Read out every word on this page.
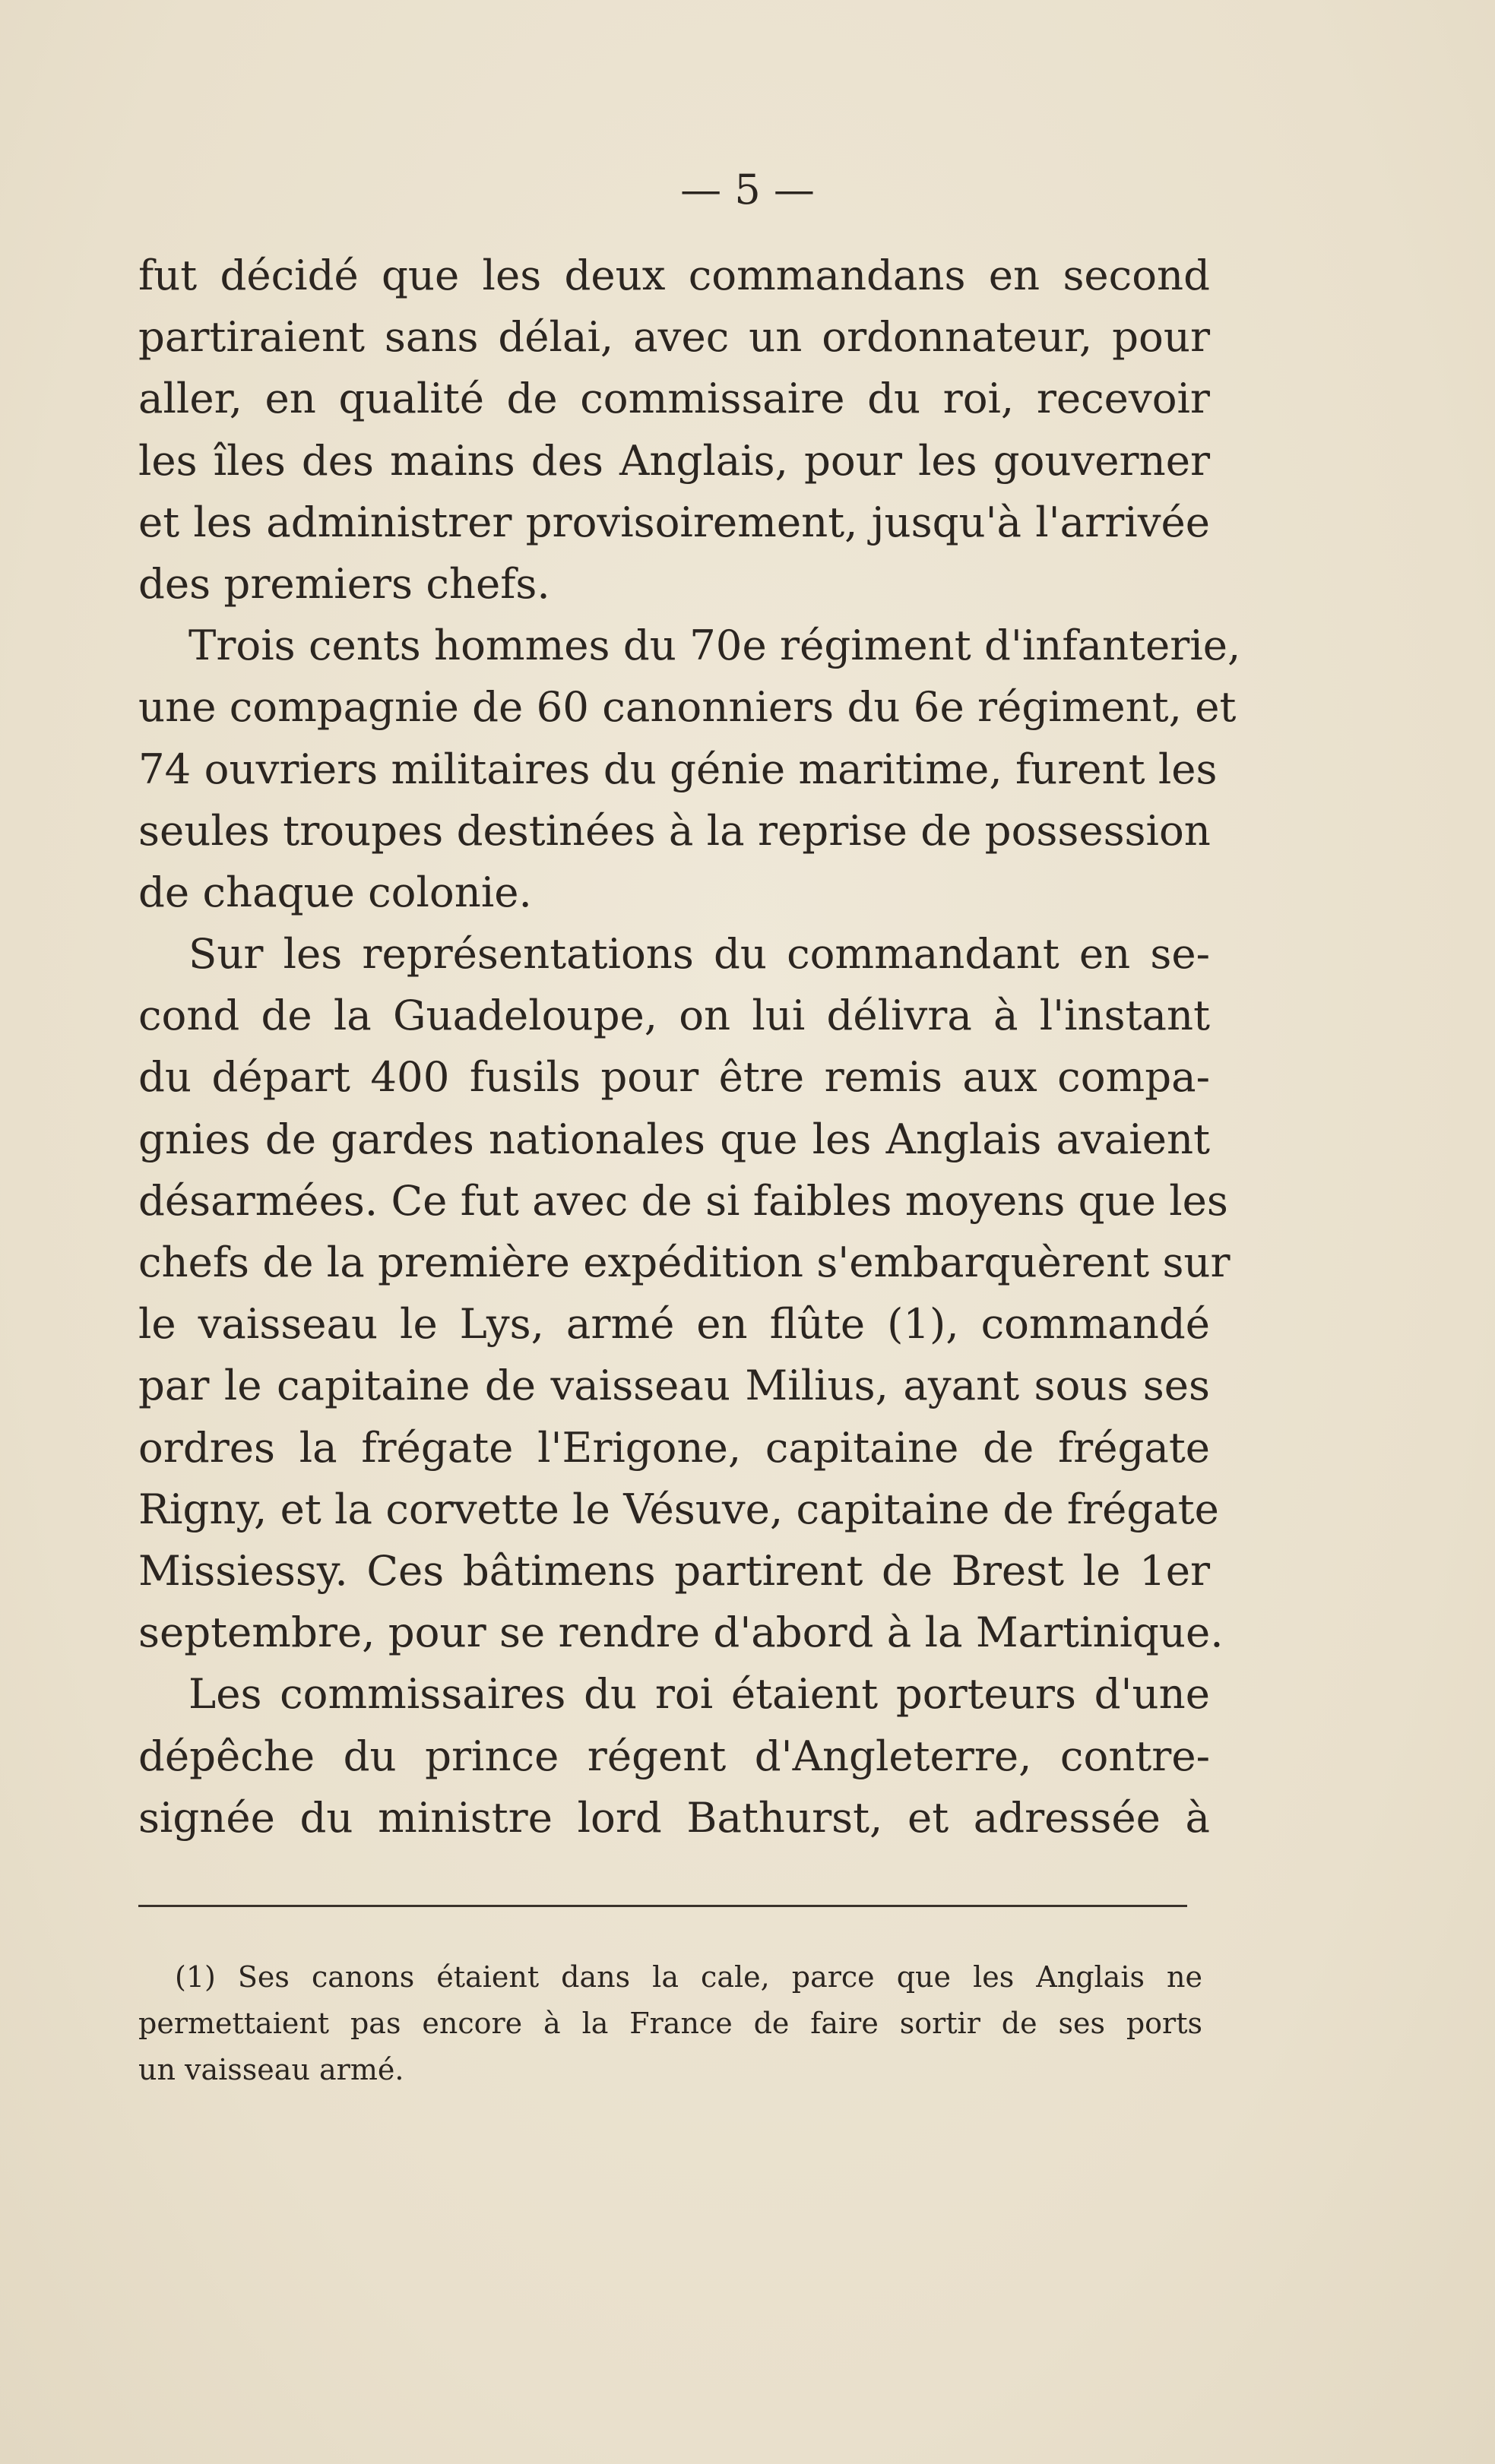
— 5 —
fut décidé que les deux commandans en second
partiraient sans délai, avec un ordonnateur, pour
aller, en qualité de commissaire du roi, recevoir
les îles des mains des Anglais, pour les gouverner
et les administrer provisoirement, jusqu'à l'arrivée
des premiers chefs.
Trois cents hommes du 70e régiment d'infanterie,
une compagnie de 60 canonniers du 6e régiment, et
74 ouvriers militaires du génie maritime, furent les
seules troupes destinées à la reprise de possession
de chaque colonie.
Sur les représentations du commandant en se-
cond de la Guadeloupe, on lui délivra à l'instant
du départ 400 fusils pour être remis aux compa-
gnies de gardes nationales que les Anglais avaient
désarmées. Ce fut avec de si faibles moyens que les
chefs de la première expédition s'embarquèrent sur
le vaisseau le Lys, armé en flûte (1), commandé
par le capitaine de vaisseau Milius, ayant sous ses
ordres la frégate l'Erigone, capitaine de frégate
Rigny, et la corvette le Vésuve, capitaine de frégate
Missiessy. Ces bâtimens partirent de Brest le 1er
septembre, pour se rendre d'abord à la Martinique.
Les commissaires du roi étaient porteurs d'une
dépêche du prince régent d'Angleterre, contre-
signée du ministre lord Bathurst, et adressée à
(1) Ses canons étaient dans la cale, parce que les Anglais ne
permettaient pas encore à la France de faire sortir de ses ports
un vaisseau armé.
